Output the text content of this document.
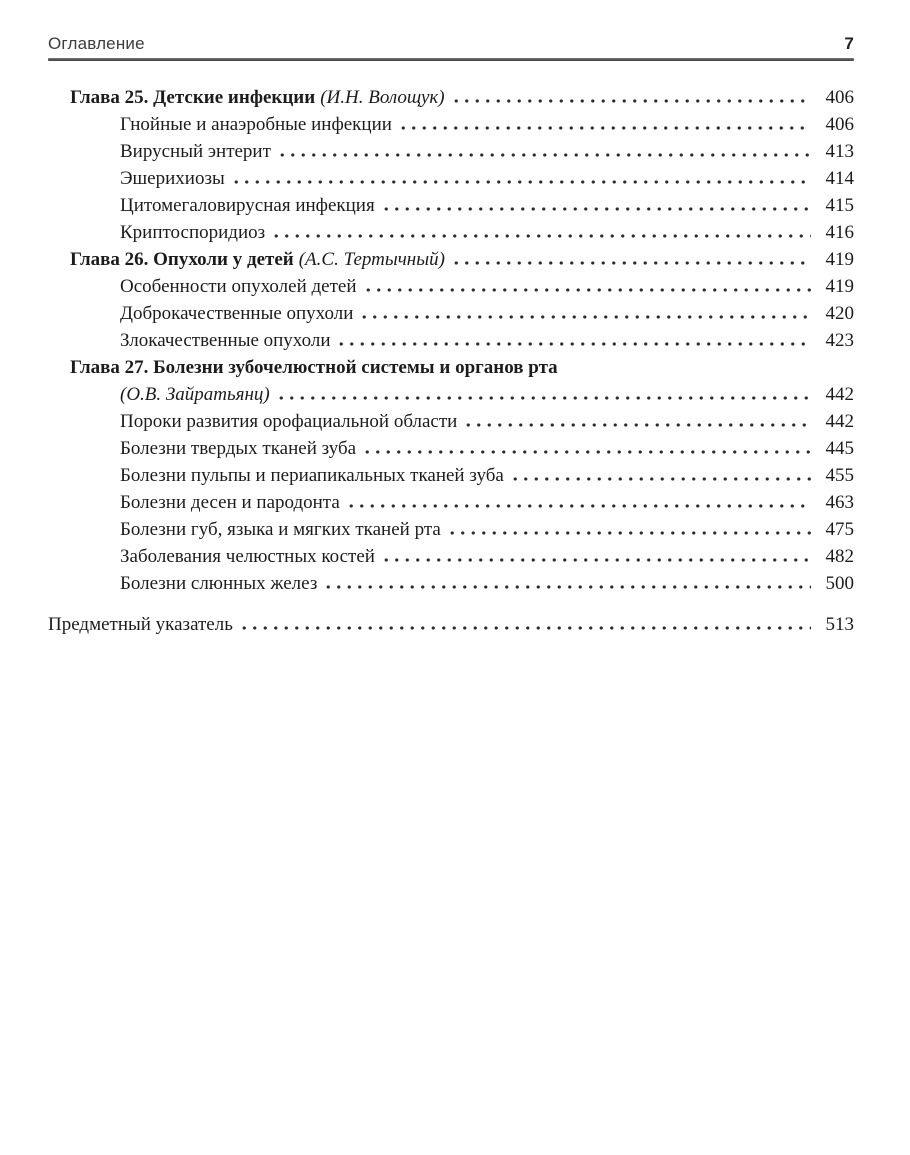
Оглавление	7
Глава 25. Детские инфекции (И.Н. Волощук)	406
Гнойные и анаэробные инфекции	406
Вирусный энтерит	413
Эшерихиозы	414
Цитомегаловирусная инфекция	415
Криптоспоридиоз	416
Глава 26. Опухоли у детей (А.С. Тертычный)	419
Особенности опухолей детей	419
Доброкачественные опухоли	420
Злокачественные опухоли	423
Глава 27. Болезни зубочелюстной системы и органов рта
(О.В. Зайратьянц)	442
Пороки развития орофациальной области	442
Болезни твердых тканей зуба	445
Болезни пульпы и периапикальных тканей зуба	455
Болезни десен и пародонта	463
Болезни губ, языка и мягких тканей рта	475
Заболевания челюстных костей	482
Болезни слюнных желез	500
Предметный указатель	513
